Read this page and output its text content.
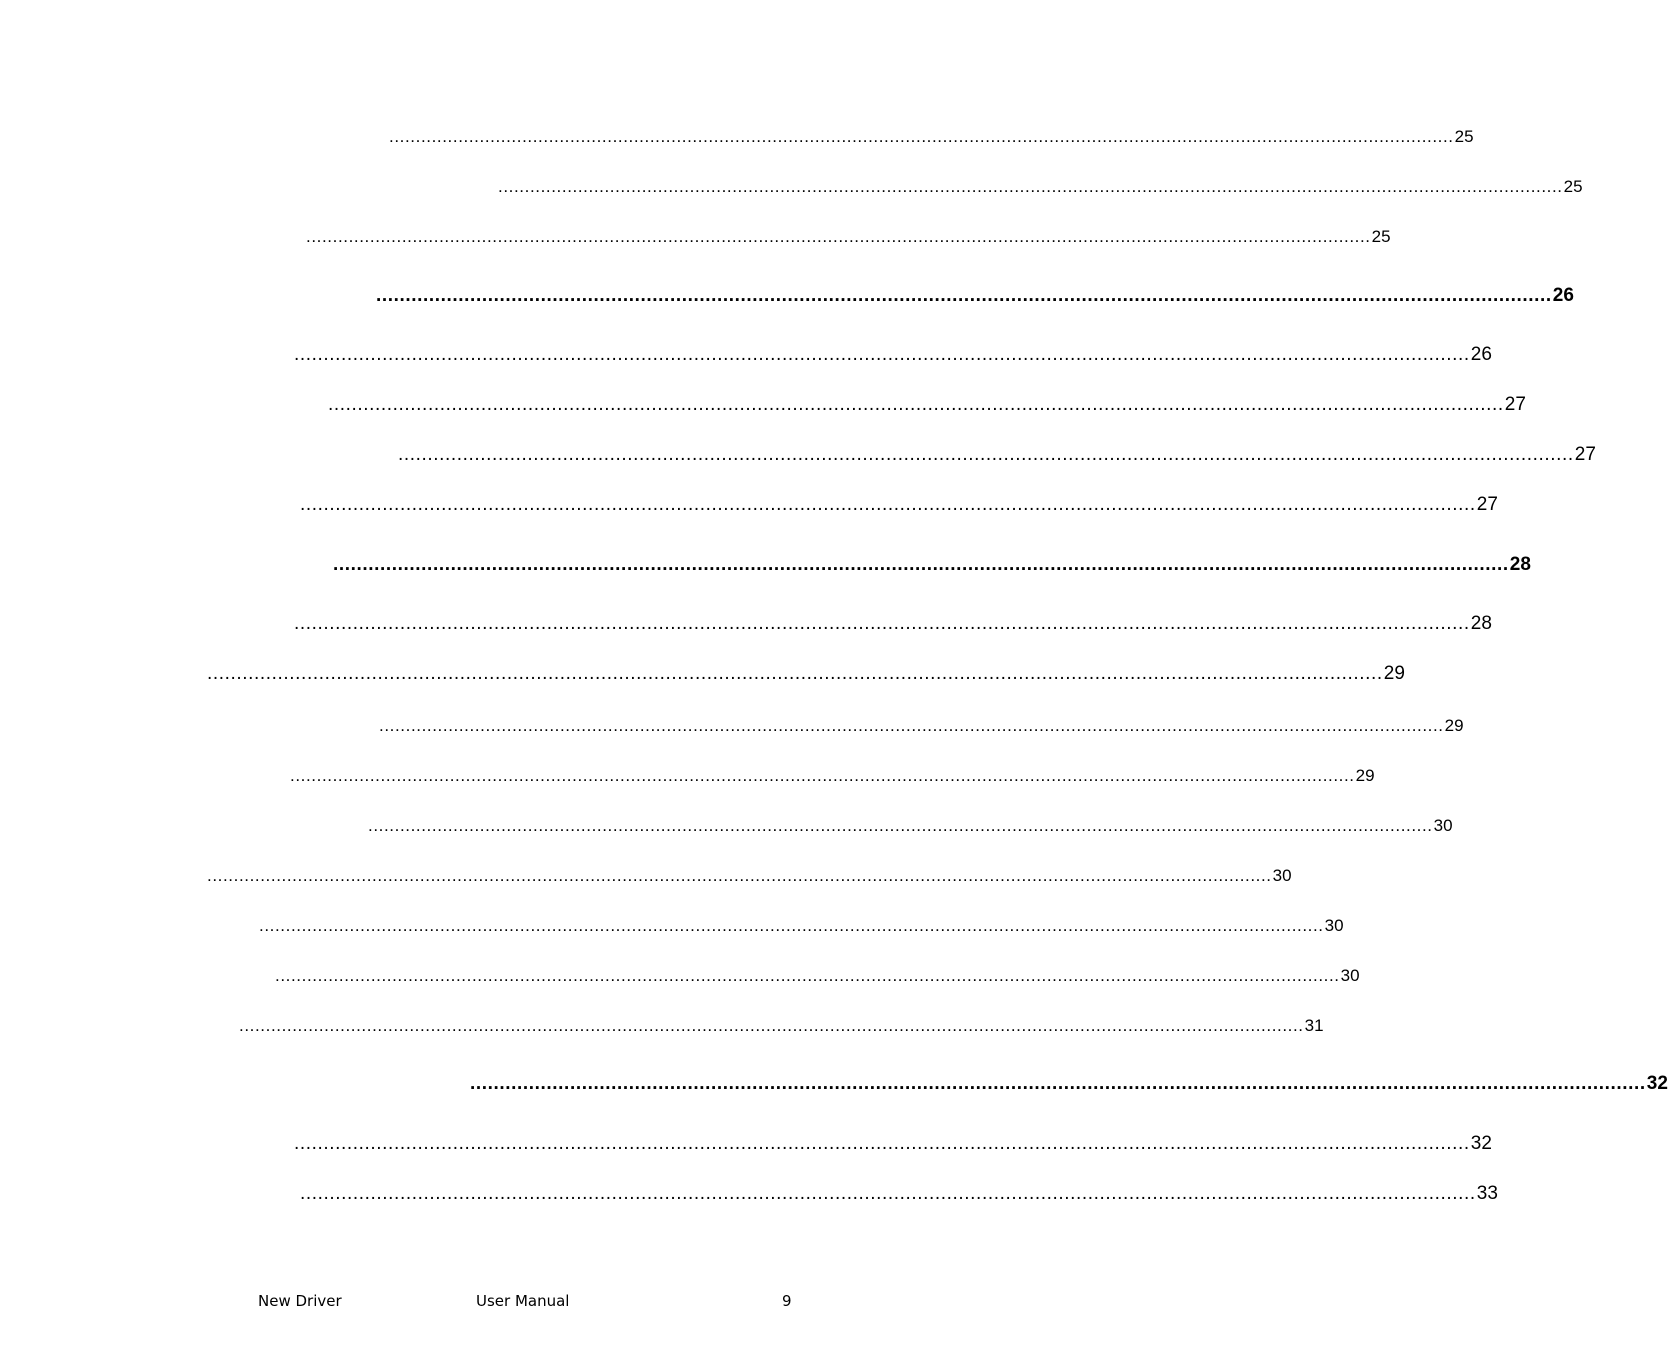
........................................................................................................................................................................................................ 25
........................................................................................................................................................................................................ 25
........................................................................................................................................................................................................ 25
........................................................................................................................................................................................................ 26
........................................................................................................................................................................................................ 26
........................................................................................................................................................................................................ 27
........................................................................................................................................................................................................ 27
........................................................................................................................................................................................................ 27
........................................................................................................................................................................................................ 28
........................................................................................................................................................................................................ 28
........................................................................................................................................................................................................ 29
........................................................................................................................................................................................................ 29
........................................................................................................................................................................................................ 29
........................................................................................................................................................................................................ 30
........................................................................................................................................................................................................ 30
........................................................................................................................................................................................................ 30
........................................................................................................................................................................................................ 30
........................................................................................................................................................................................................ 31
........................................................................................................................................................................................................ 32
........................................................................................................................................................................................................ 32
........................................................................................................................................................................................................ 33
New Driver	User Manual	9
